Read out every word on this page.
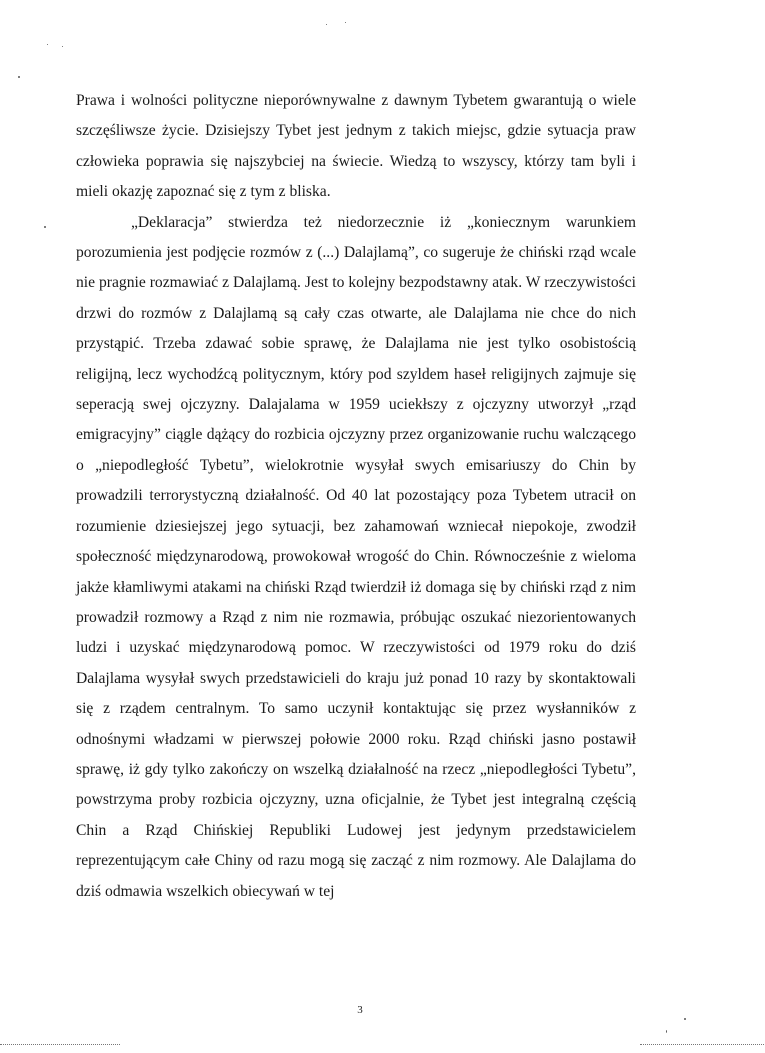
Prawa i wolności polityczne nieporównywalne z dawnym Tybetem gwarantują o wiele szczęśliwsze życie. Dzisiejszy Tybet jest jednym z takich miejsc, gdzie sytuacja praw człowieka poprawia się najszybciej na świecie. Wiedzą to wszyscy, którzy tam byli i mieli okazję zapoznać się z tym z bliska.

„Deklaracja” stwierdza też niedorzecznie iż „koniecznym warunkiem porozumienia jest podjęcie rozmów z (...) Dalajlamą”, co sugeruje że chiński rząd wcale nie pragnie rozmawiać z Dalajlamą. Jest to kolejny bezpodstawny atak. W rzeczywistości drzwi do rozmów z Dalajlamą są cały czas otwarte, ale Dalajlama nie chce do nich przystąpić. Trzeba zdawać sobie sprawę, że Dalajlama nie jest tylko osobistością religijną, lecz wychodźcą politycznym, który pod szyldem haseł religijnych zajmuje się seperacją swej ojczyzny. Dalajalama w 1959 uciekłszy z ojczyzny utworzył „rząd emigracyjny” ciągle dążący do rozbicia ojczyzny przez organizowanie ruchu walczącego o „niepodległość Tybetu”, wielokrotnie wysyłał swych emisariuszy do Chin by prowadzili terrorystyczną działalność. Od 40 lat pozostający poza Tybetem utracił on rozumienie dziesiejszej jego sytuacji, bez zahamowań wzniecał niepokoje, zwodził społeczność międzynarodową, prowokował wrogość do Chin. Równocześnie z wieloma jakże kłamliwymi atakami na chiński Rząd twierdził iż domaga się by chiński rząd z nim prowadził rozmowy a Rząd z nim nie rozmawia, próbując oszukać niezorientowanych ludzi i uzyskać międzynarodową pomoc. W rzeczywistości od 1979 roku do dziś Dalajlama wysyłał swych przedstawicieli do kraju już ponad 10 razy by skontaktowali się z rządem centralnym. To samo uczynił kontaktując się przez wysłanników z odnośnymi władzami w pierwszej połowie 2000 roku. Rząd chiński jasno postawił sprawę, iż gdy tylko zakończy on wszelką działalność na rzecz „niepodległości Tybetu”, powstrzyma proby rozbicia ojczyzny, uzna oficjalnie, że Tybet jest integralną częścią Chin a Rząd Chińskiej Republiki Ludowej jest jedynym przedstawicielem reprezentującym całe Chiny od razu mogą się zacząć z nim rozmowy. Ale Dalajlama do dziś odmawia wszelkich obiecywań w tej

3
